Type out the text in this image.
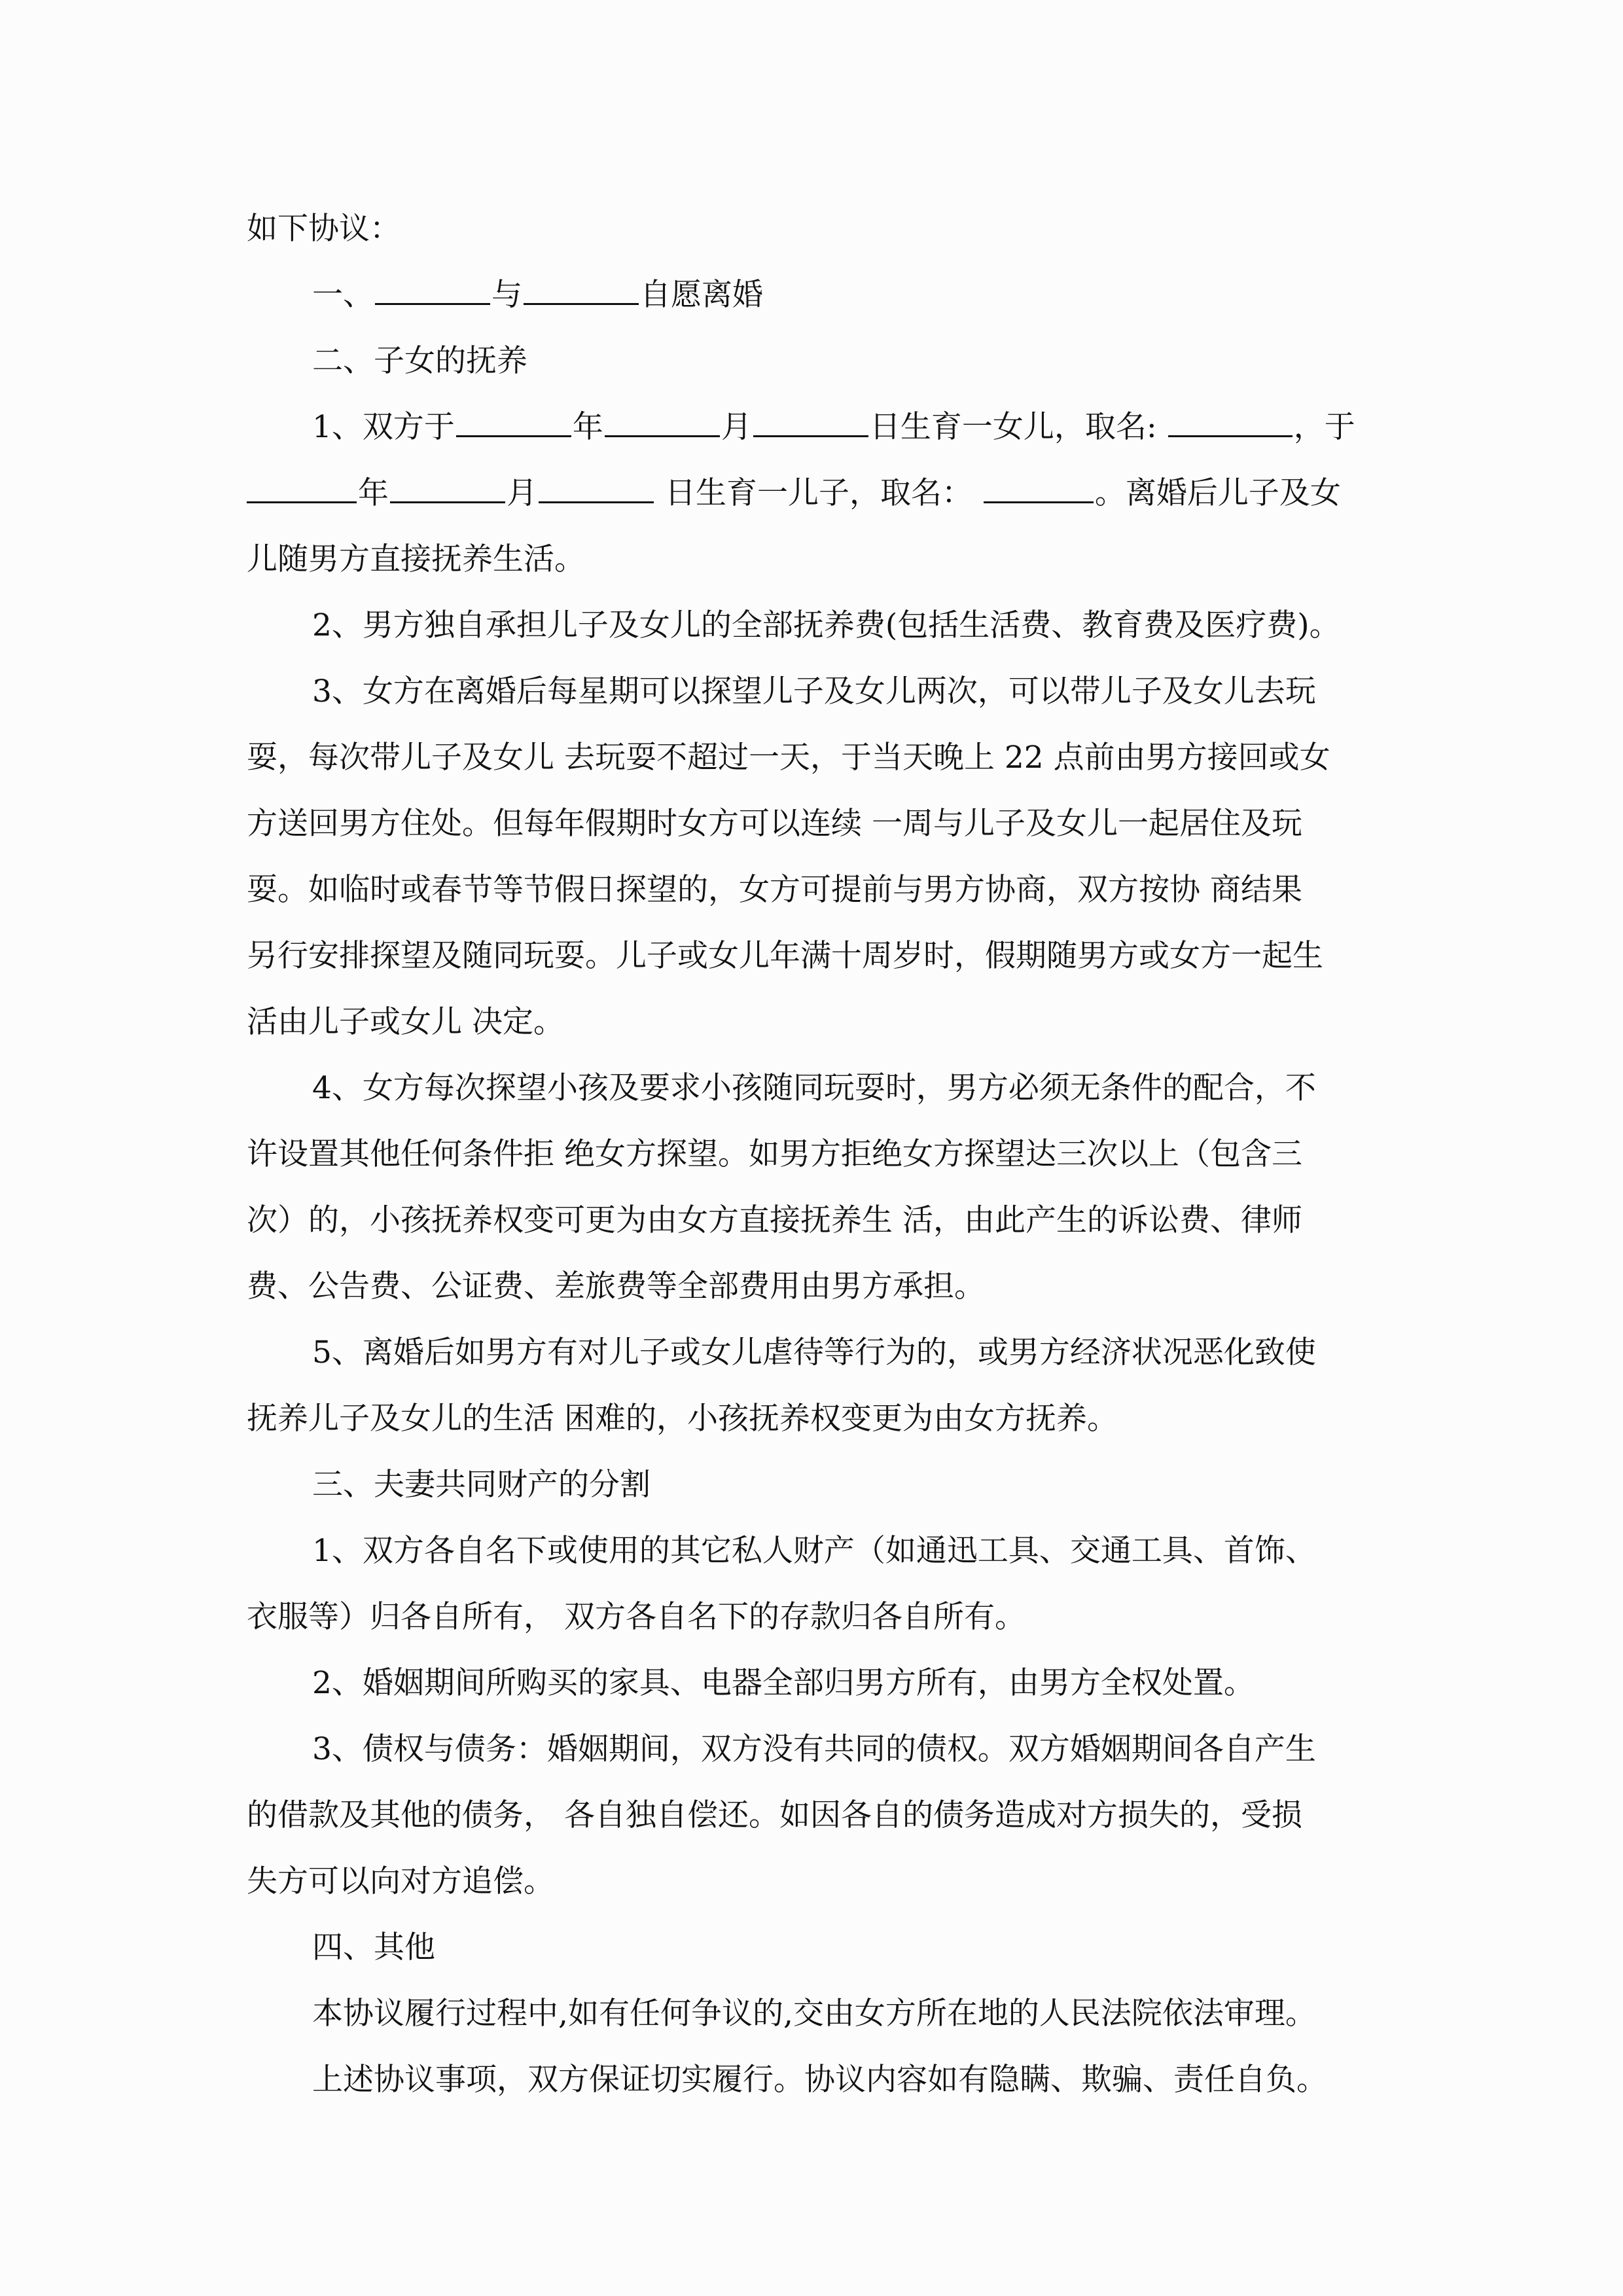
如下协议：
一、	与	自愿离婚
二、子女的抚养
1、双方于	年	月	日生育一女儿，取名:	，于
年	月	日生育一儿子，取名：	。离婚后儿子及女
儿随男方直接抚养生活。
2、男方独自承担儿子及女儿的全部抚养费(包括生活费、教育费及医疗费)。
3、女方在离婚后每星期可以探望儿子及女儿两次，可以带儿子及女儿去玩
耍，每次带儿子及女儿 去玩耍不超过一天，于当天晚上 22 点前由男方接回或女
方送回男方住处。但每年假期时女方可以连续 一周与儿子及女儿一起居住及玩
耍。如临时或春节等节假日探望的，女方可提前与男方协商，双方按协 商结果
另行安排探望及随同玩耍。儿子或女儿年满十周岁时，假期随男方或女方一起生
活由儿子或女儿 决定。
4、女方每次探望小孩及要求小孩随同玩耍时，男方必须无条件的配合，不
许设置其他任何条件拒 绝女方探望。如男方拒绝女方探望达三次以上（包含三
次）的，小孩抚养权变可更为由女方直接抚养生 活，由此产生的诉讼费、律师
费、公告费、公证费、差旅费等全部费用由男方承担。
5、离婚后如男方有对儿子或女儿虐待等行为的，或男方经济状况恶化致使
抚养儿子及女儿的生活 困难的，小孩抚养权变更为由女方抚养。
三、夫妻共同财产的分割
1、双方各自名下或使用的其它私人财产（如通迅工具、交通工具、首饰、
衣服等）归各自所有， 双方各自名下的存款归各自所有。
2、婚姻期间所购买的家具、电器全部归男方所有，由男方全权处置。
3、债权与债务：婚姻期间，双方没有共同的债权。双方婚姻期间各自产生
的借款及其他的债务， 各自独自偿还。如因各自的债务造成对方损失的，受损
失方可以向对方追偿。
四、其他
本协议履行过程中,如有任何争议的,交由女方所在地的人民法院依法审理。
上述协议事项，双方保证切实履行。协议内容如有隐瞒、欺骗、责任自负。
